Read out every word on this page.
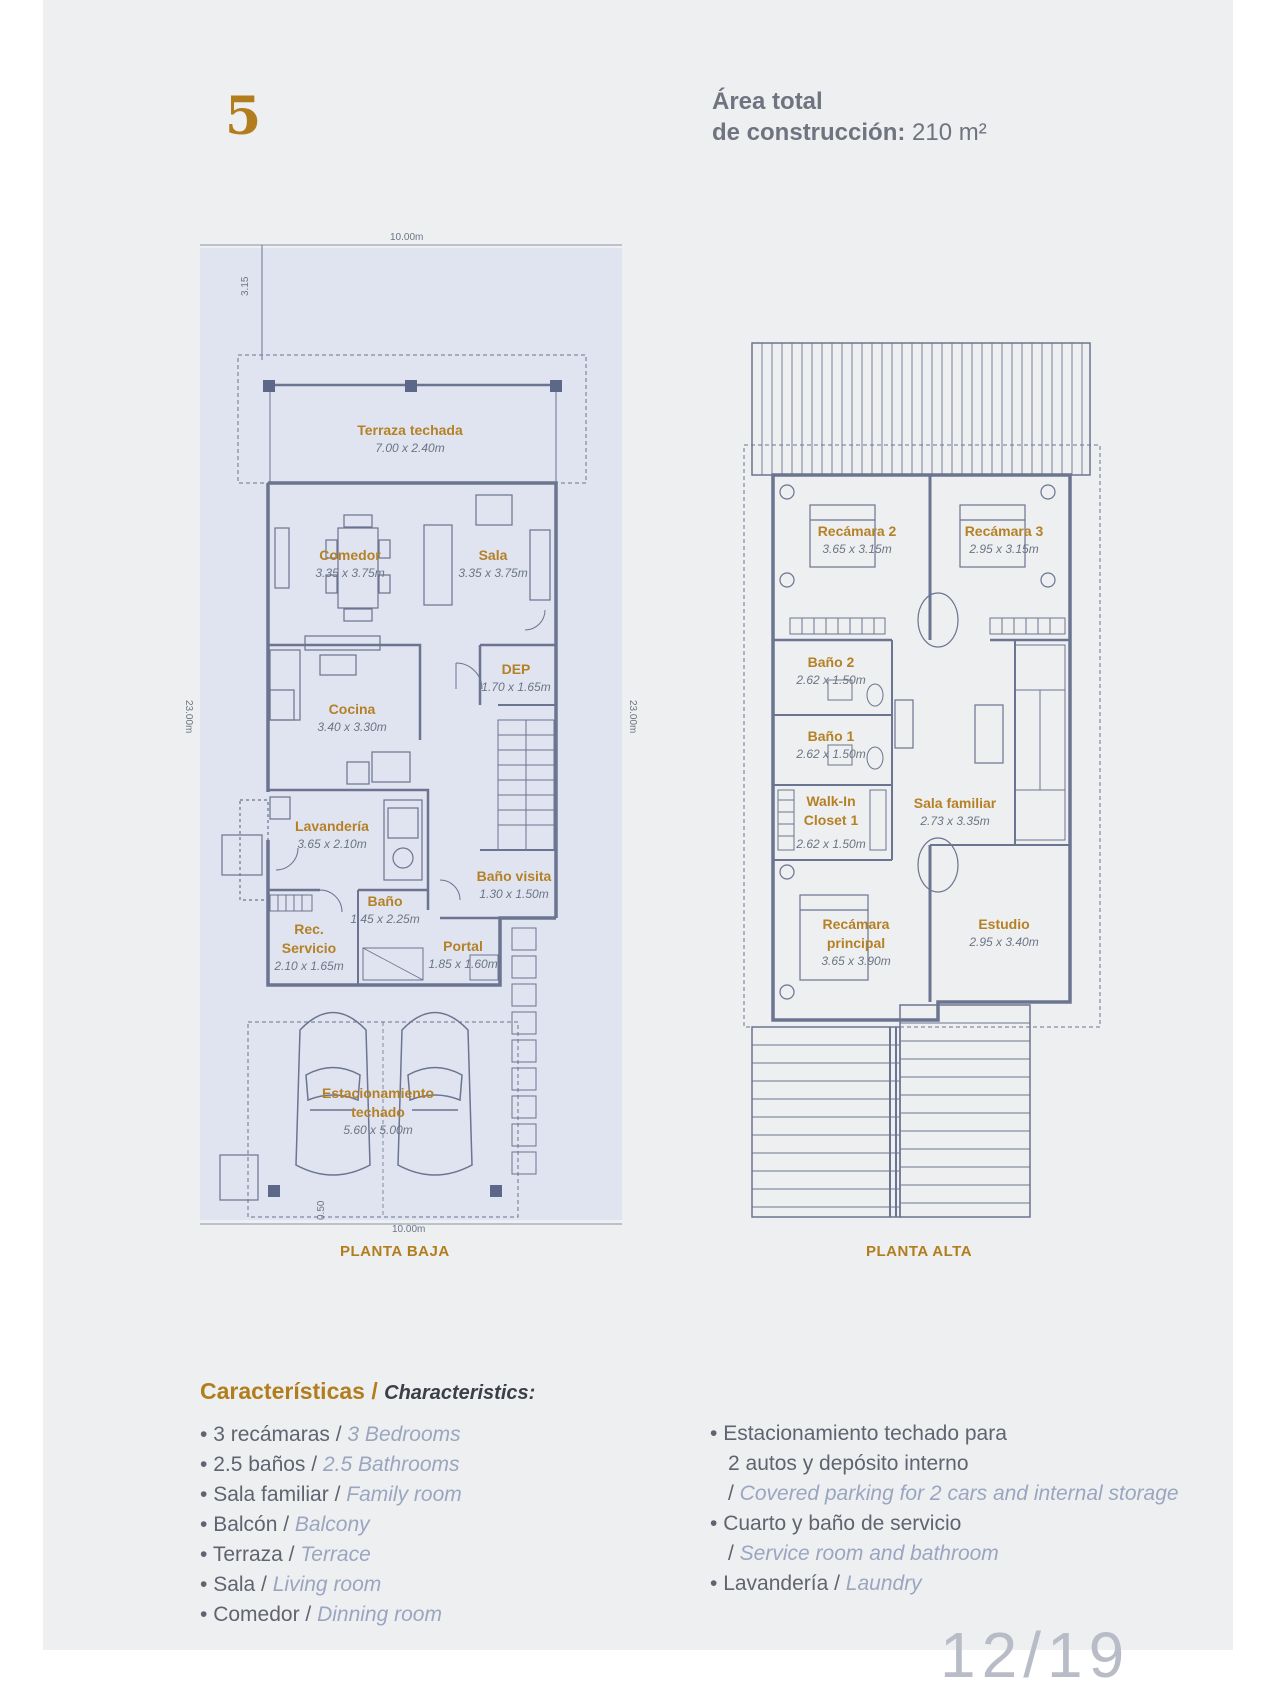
5	Área total
de construcción: 210 m²
10.00m
10.00m
23.00m	23.00m
3.15
0.50
Terraza techada
7.00 x 2.40m
Comedor
3.35 x 3.75m
Sala
3.35 x 3.75m
DEP
1.70 x 1.65m
Cocina
3.40 x 3.30m
Lavandería
3.65 x 2.10m
Baño visita
1.30 x 1.50m
Baño
1.45 x 2.25m
Rec.
Servicio
2.10 x 1.65m
Portal
1.85 x 1.60m
Estacionamiento
techado
5.60 x 5.00m
Recámara 2
3.65 x 3.15m
Recámara 3
2.95 x 3.15m
Baño 2
2.62 x 1.50m
Baño 1
2.62 x 1.50m
Walk-In
Closet 1
2.62 x 1.50m
Sala familiar
2.73 x 3.35m
Recámara
principal
3.65 x 3.90m
Estudio
2.95 x 3.40m
PLANTA BAJA	PLANTA ALTA
Características / Characteristics:
• 3 recámaras / 3 Bedrooms
• 2.5 baños / 2.5 Bathrooms
• Sala familiar / Family room
• Balcón / Balcony
• Terraza / Terrace
• Sala / Living room
• Comedor / Dinning room
• Estacionamiento techado para
2 autos y depósito interno
/ Covered parking for 2 cars and internal storage
• Cuarto y baño de servicio
/ Service room and bathroom
• Lavandería / Laundry
12/19
